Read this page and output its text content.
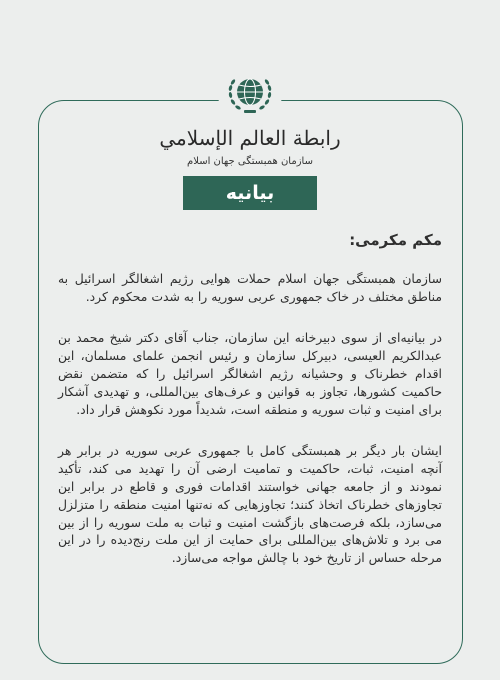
رابطة العالم الإسلامي
سازمان همبستگی جهان اسلام
بیانیه
مکم مکرمی:

سازمان همبستگی جهان اسلام حملات هوایی رژیم اشغالگر اسرائیل به مناطق مختلف در خاک جمهوری عربی سوریه را به شدت محکوم کرد.

در بیانیه‌ای از سوی دبیرخانه این سازمان، جناب آقای دکتر شیخ محمد بن عبدالکریم العیسی، دبیرکل سازمان و رئیس انجمن علمای مسلمان، این اقدام خطرناک و وحشیانه رژیم اشغالگر اسرائیل را که متضمن نقض حاکمیت کشورها، تجاوز به قوانین و عرف‌های بین‌المللی، و تهدیدی آشکار برای امنیت و ثبات سوریه و منطقه است، شدیداً مورد نکوهش قرار داد.

ایشان بار دیگر بر همبستگی کامل با جمهوری عربی سوریه در برابر هر آنچه امنیت، ثبات، حاکمیت و تمامیت ارضی آن را تهدید می کند، تأکید نمودند و از جامعه جهانی خواستند اقدامات فوری و قاطع در برابر این تجاوزهای خطرناک اتخاذ کنند؛ تجاوزهایی که نه‌تنها امنیت منطقه را متزلزل می‌سازد، بلکه فرصت‌های بازگشت امنیت و ثبات به ملت سوریه را از بین می برد و تلاش‌های بین‌المللی برای حمایت از این ملت رنج‌دیده را در این مرحله حساس از تاریخ خود با چالش مواجه می‌سازد.
